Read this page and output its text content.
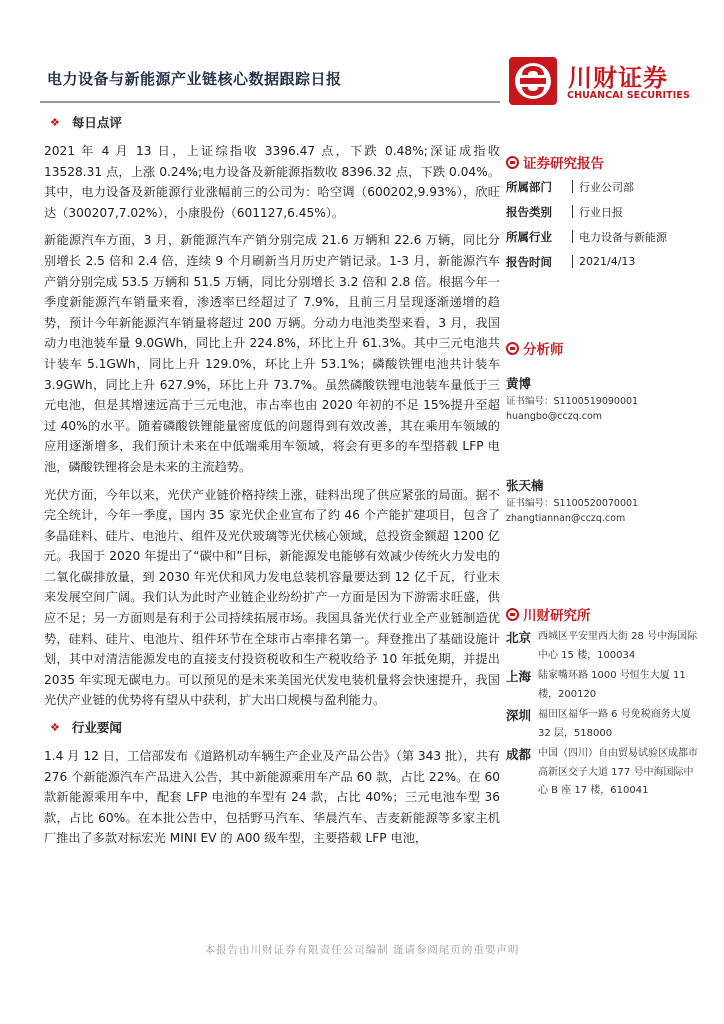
电力设备与新能源产业链核心数据跟踪日报	川财证券
CHUANCAI SECURITIES
❖ 每日点评
2021 年 4 月 13 日，上证综指收 3396.47 点，下跌 0.48%;深证成指收 13528.31 点，上涨 0.24%;电力设备及新能源指数收 8396.32 点，下跌 0.04%。其中，电力设备及新能源行业涨幅前三的公司为：哈空调（600202,9.93%），欣旺达（300207,7.02%），小康股份（601127,6.45%）。
新能源汽车方面，3 月，新能源汽车产销分别完成 21.6 万辆和 22.6 万辆，同比分别增长 2.5 倍和 2.4 倍，连续 9 个月刷新当月历史产销记录。1-3 月，新能源汽车产销分别完成 53.5 万辆和 51.5 万辆，同比分别增长 3.2 倍和 2.8 倍。根据今年一季度新能源汽车销量来看，渗透率已经超过了 7.9%，且前三月呈现逐渐递增的趋势，预计今年新能源汽车销量将超过 200 万辆。分动力电池类型来看，3 月，我国动力电池装车量 9.0GWh，同比上升 224.8%，环比上升 61.3%。其中三元电池共计装车 5.1GWh，同比上升 129.0%，环比上升 53.1%；磷酸铁锂电池共计装车 3.9GWh，同比上升 627.9%，环比上升 73.7%。虽然磷酸铁锂电池装车量低于三元电池，但是其增速远高于三元电池，市占率也由 2020 年初的不足 15%提升至超过 40%的水平。随着磷酸铁锂能量密度低的问题得到有效改善，其在乘用车领域的应用逐渐增多，我们预计未来在中低端乘用车领域，将会有更多的车型搭载 LFP 电池，磷酸铁锂将会是未来的主流趋势。
光伏方面，今年以来，光伏产业链价格持续上涨，硅料出现了供应紧张的局面。据不完全统计，今年一季度，国内 35 家光伏企业宣布了约 46 个产能扩建项目，包含了多晶硅料、硅片、电池片、组件及光伏玻璃等光伏核心领域，总投资金额超 1200 亿元。我国于 2020 年提出了“碳中和”目标，新能源发电能够有效减少传统火力发电的二氧化碳排放量，到 2030 年光伏和风力发电总装机容量要达到 12 亿千瓦，行业未来发展空间广阔。我们认为此时产业链企业纷纷扩产一方面是因为下游需求旺盛，供应不足；另一方面则是有利于公司持续拓展市场。我国具备光伏行业全产业链制造优势，硅料、硅片、电池片、组件环节在全球市占率排名第一。拜登推出了基础设施计划，其中对清洁能源发电的直接支付投资税收和生产税收给予 10 年抵免期，并提出 2035 年实现无碳电力。可以预见的是未来美国光伏发电装机量将会快速提升，我国光伏产业链的优势将有望从中获利，扩大出口规模与盈利能力。
❖ 行业要闻
1.4 月 12 日，工信部发布《道路机动车辆生产企业及产品公告》（第 343 批），共有 276 个新能源汽车产品进入公告，其中新能源乘用车产品 60 款，占比 22%。在 60 款新能源乘用车中，配套 LFP 电池的车型有 24 款，占比 40%；三元电池车型 36 款，占比 60%。在本批公告中，包括野马汽车、华晨汽车、吉麦新能源等多家主机厂推出了多款对标宏光 MINI EV 的 A00 级车型，主要搭载 LFP 电池，
证券研究报告
所属部门	行业公司部
报告类别	行业日报
所属行业	电力设备与新能源
报告时间	2021/4/13
分析师
黄博
证书编号：S1100519090001
huangbo@cczq.com
张天楠
证书编号：S1100520070001
zhangtiannan@cczq.com
川财研究所
北京 西城区平安里西大街 28 号中海国际中心 15 楼，100034
上海 陆家嘴环路 1000 号恒生大厦 11 楼，200120
深圳 福田区福华一路 6 号免税商务大厦 32 层，518000
成都 中国（四川）自由贸易试验区成都市高新区交子大道 177 号中海国际中心 B 座 17 楼，610041
本报告由川财证券有限责任公司编制 谨请参阅尾页的重要声明
